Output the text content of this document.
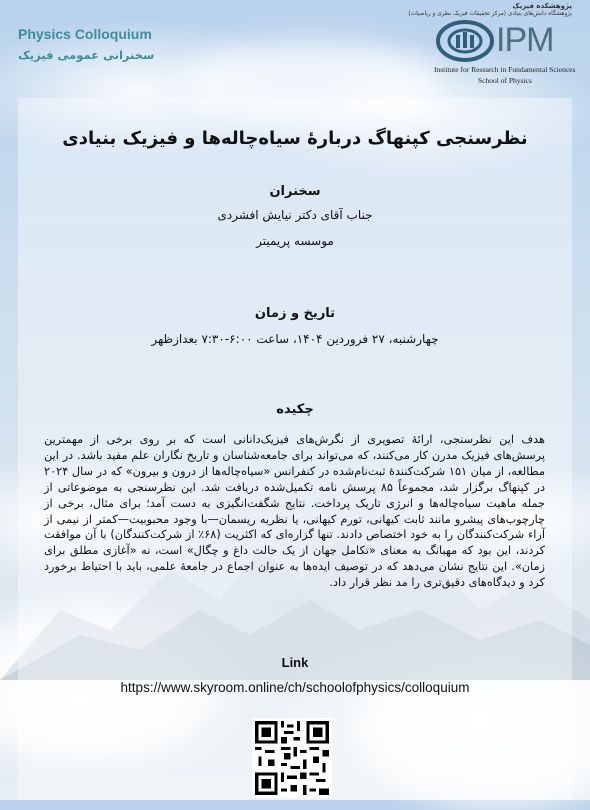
Physics Colloquium
سخنرانی عمومی فیزیک
پژوهشکده فیزیک
پژوهشگاه دانش‌های بنیادی (مرکز تحقیقات فیزیک نظری و ریاضیات)
IPM
Institute for Research in Fundamental Sciences
School of Physics
نظرسنجی کپنهاگ دربارهٔ سیاه‌چاله‌ها و فیزیک بنیادی
سخنران
جناب آقای دکتر نیایش افشردی
موسسه پریمیتر
تاریخ و زمان
چهارشنبه، ۲۷ فروردین ۱۴۰۴، ساعت ۶:۰۰-۷:۳۰ بعدازظهر
چکیده
هدف این نظرسنجی، ارائهٔ تصویری از نگرش‌های فیزیک‌دانانی است که بر روی برخی از مهمترین پرسش‌های فیزیک مدرن کار می‌کنند، که می‌تواند برای جامعه‌شناسان و تاریخ نگاران علم مفید باشد. در این مطالعه، از میان ۱۵۱ شرکت‌کنندهٔ ثبت‌نام‌شده در کنفرانس «سیاه‌چاله‌ها از درون و بیرون» که در سال ۲۰۲۴ در کپنهاگ برگزار شد، مجموعاً ۸۵ پرسش نامه تکمیل‌شده دریافت شد. این نظرسنجی به موضوعاتی از جمله ماهیت سیاه‌چاله‌ها و انرژی تاریک پرداخت. نتایج شگفت‌انگیزی به دست آمد؛ برای مثال، برخی از چارچوب‌های پیشرو مانند ثابت کیهانی، تورم کیهانی، یا نظریه ریسمان—با وجود محبوبیت—کمتر از نیمی از آراء شرکت‌کنندگان را به خود اختصاص دادند. تنها گزاره‌ای که اکثریت (۶۸٪ از شرکت‌کنندگان) با آن موافقت کردند، این بود که مهبانگ به معنای «تکامل جهان از یک حالت داغ و چگال» است، نه «آغازی مطلق برای زمان». این نتایج نشان می‌دهد که در توصیف ایده‌ها به عنوان اجماع در جامعهٔ علمی، باید با احتیاط برخورد کرد و دیدگاه‌های دقیق‌تری را مد نظر قرار داد.
Link
https://www.skyroom.online/ch/schoolofphysics/colloquium
